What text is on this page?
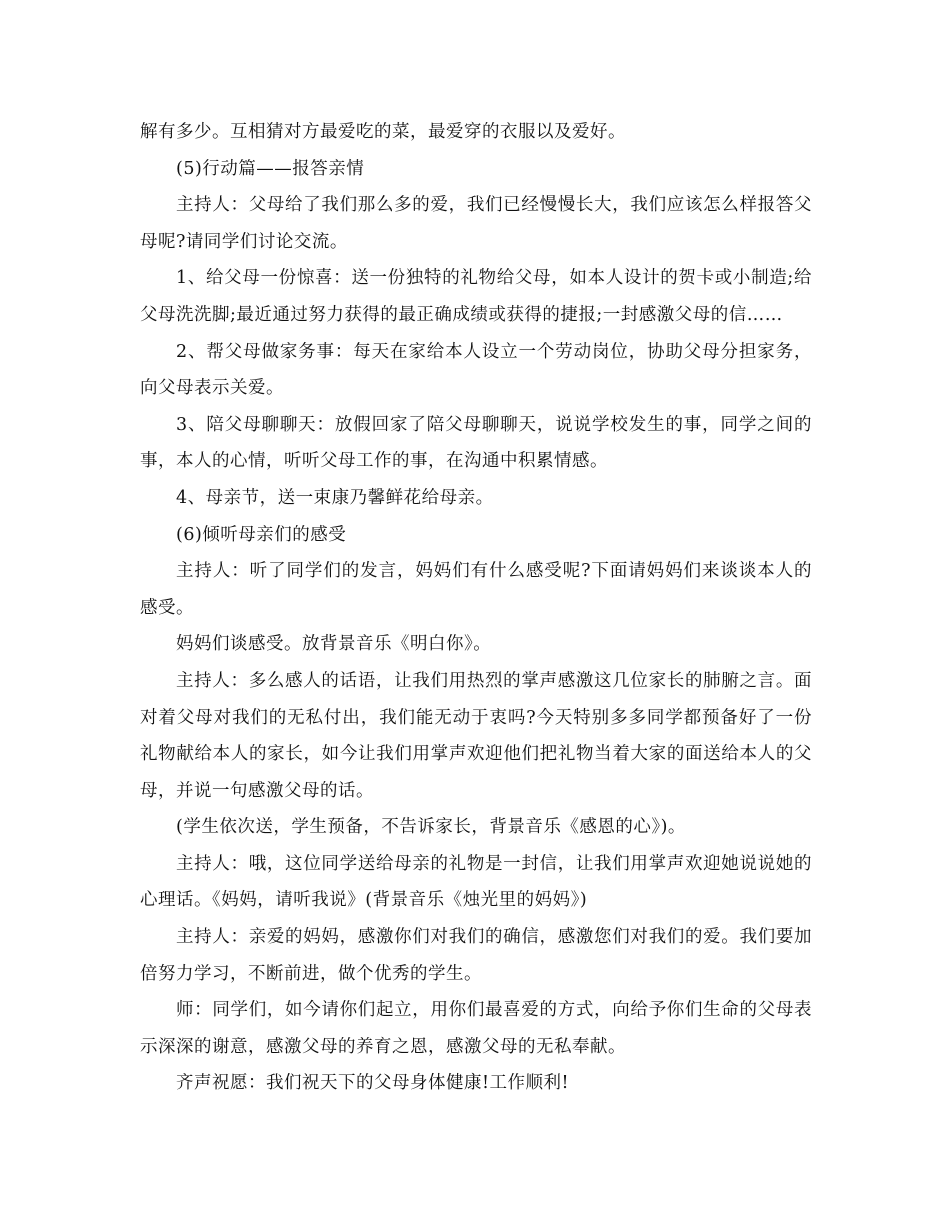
解有多少。互相猜对方最爱吃的菜，最爱穿的衣服以及爱好。

(5)行动篇——报答亲情

主持人：父母给了我们那么多的爱，我们已经慢慢长大，我们应该怎么样报答父母呢?请同学们讨论交流。

1、给父母一份惊喜：送一份独特的礼物给父母，如本人设计的贺卡或小制造;给父母洗洗脚;最近通过努力获得的最正确成绩或获得的捷报;一封感激父母的信……

2、帮父母做家务事：每天在家给本人设立一个劳动岗位，协助父母分担家务，向父母表示关爱。

3、陪父母聊聊天：放假回家了陪父母聊聊天，说说学校发生的事，同学之间的事，本人的心情，听听父母工作的事，在沟通中积累情感。

4、母亲节，送一束康乃馨鲜花给母亲。

(6)倾听母亲们的感受

主持人：听了同学们的发言，妈妈们有什么感受呢?下面请妈妈们来谈谈本人的感受。

妈妈们谈感受。放背景音乐《明白你》。

主持人：多么感人的话语，让我们用热烈的掌声感激这几位家长的肺腑之言。面对着父母对我们的无私付出，我们能无动于衷吗?今天特别多多同学都预备好了一份礼物献给本人的家长，如今让我们用掌声欢迎他们把礼物当着大家的面送给本人的父母，并说一句感激父母的话。

(学生依次送，学生预备，不告诉家长，背景音乐《感恩的心》)。

主持人：哦，这位同学送给母亲的礼物是一封信，让我们用掌声欢迎她说说她的心理话。《妈妈，请听我说》(背景音乐《烛光里的妈妈》)

主持人：亲爱的妈妈，感激你们对我们的确信，感激您们对我们的爱。我们要加倍努力学习，不断前进，做个优秀的学生。

师：同学们，如今请你们起立，用你们最喜爱的方式，向给予你们生命的父母表示深深的谢意，感激父母的养育之恩，感激父母的无私奉献。

齐声祝愿：我们祝天下的父母身体健康!工作顺利!
